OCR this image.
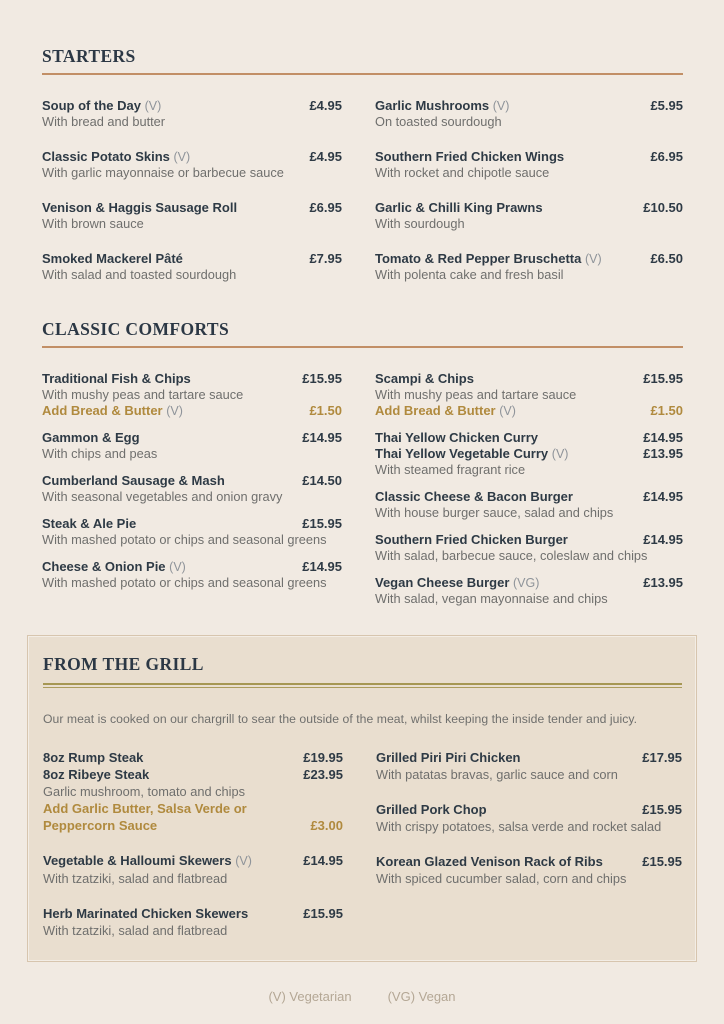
STARTERS
Soup of the Day (V)	£4.95
With bread and butter
Classic Potato Skins (V)	£4.95
With garlic mayonnaise or barbecue sauce
Venison & Haggis Sausage Roll	£6.95
With brown sauce
Smoked Mackerel Pâté	£7.95
With salad and toasted sourdough
Garlic Mushrooms (V)	£5.95
On toasted sourdough
Southern Fried Chicken Wings	£6.95
With rocket and chipotle sauce
Garlic & Chilli King Prawns	£10.50
With sourdough
Tomato & Red Pepper Bruschetta (V)	£6.50
With polenta cake and fresh basil
CLASSIC COMFORTS
Traditional Fish & Chips	£15.95
With mushy peas and tartare sauce
Add Bread & Butter (V)	£1.50
Gammon & Egg	£14.95
With chips and peas
Cumberland Sausage & Mash	£14.50
With seasonal vegetables and onion gravy
Steak & Ale Pie	£15.95
With mashed potato or chips and seasonal greens
Cheese & Onion Pie (V)	£14.95
With mashed potato or chips and seasonal greens
Scampi & Chips	£15.95
With mushy peas and tartare sauce
Add Bread & Butter (V)	£1.50
Thai Yellow Chicken Curry	£14.95
Thai Yellow Vegetable Curry (V)	£13.95
With steamed fragrant rice
Classic Cheese & Bacon Burger	£14.95
With house burger sauce, salad and chips
Southern Fried Chicken Burger	£14.95
With salad, barbecue sauce, coleslaw and chips
Vegan Cheese Burger (VG)	£13.95
With salad, vegan mayonnaise and chips
FROM THE GRILL

Our meat is cooked on our chargrill to sear the outside of the meat, whilst keeping the inside tender and juicy.

8oz Rump Steak	£19.95
8oz Ribeye Steak	£23.95
Garlic mushroom, tomato and chips
Add Garlic Butter, Salsa Verde or Peppercorn Sauce	£3.00
Vegetable & Halloumi Skewers (V)	£14.95
With tzatziki, salad and flatbread
Herb Marinated Chicken Skewers	£15.95
With tzatziki, salad and flatbread
Grilled Piri Piri Chicken	£17.95
With patatas bravas, garlic sauce and corn
Grilled Pork Chop	£15.95
With crispy potatoes, salsa verde and rocket salad
Korean Glazed Venison Rack of Ribs	£15.95
With spiced cucumber salad, corn and chips
(V) Vegetarian	(VG) Vegan
